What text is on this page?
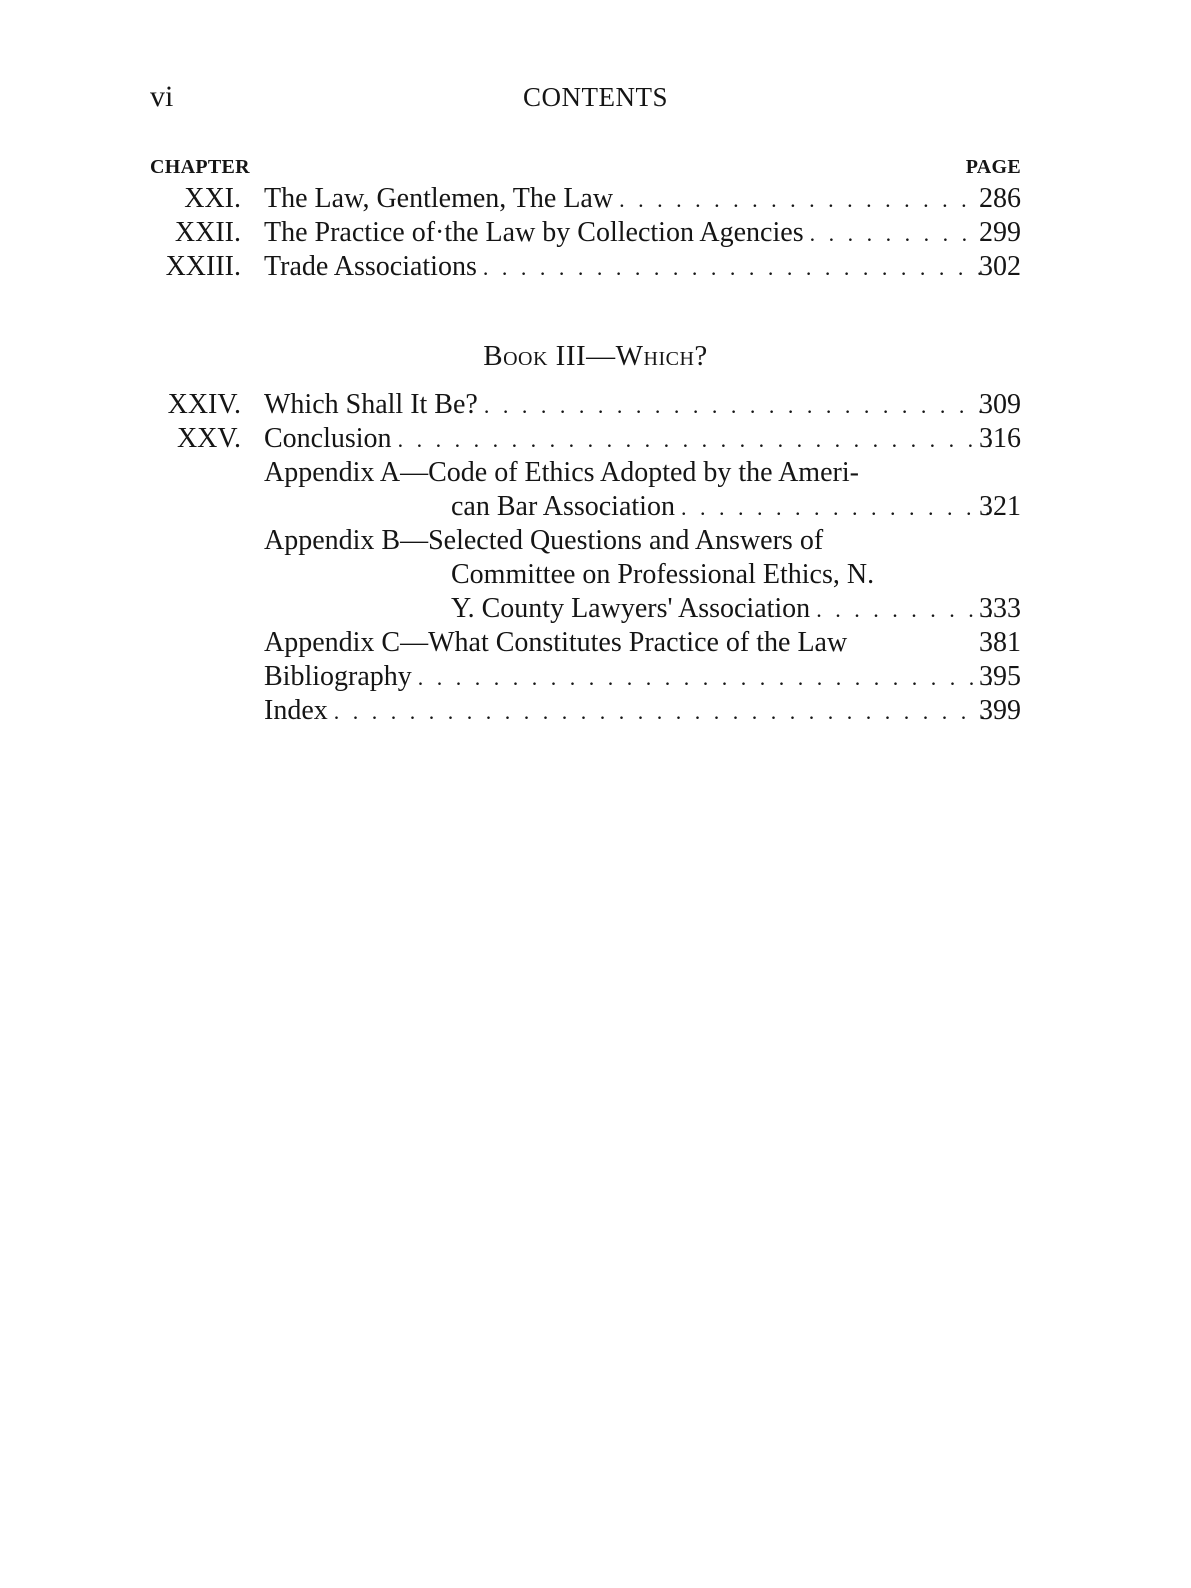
vi	CONTENTS
CHAPTER	PAGE
XXI. The Law, Gentlemen, The Law . . .	286
XXII. The Practice of·the Law by Collection Agencies . . .	299
XXIII. Trade Associations . . .	302
Book III—Which?
XXIV. Which Shall It Be? . . .	309
XXV. Conclusion . . .	316
Appendix A—Code of Ethics Adopted by the Ameri-
can Bar Association . . .	321
Appendix B—Selected Questions and Answers of
Committee on Professional Ethics, N.
Y. County Lawyers' Association . . .	333
Appendix C—What Constitutes Practice of the Law	381
Bibliography . . .	395
Index . . .	399
